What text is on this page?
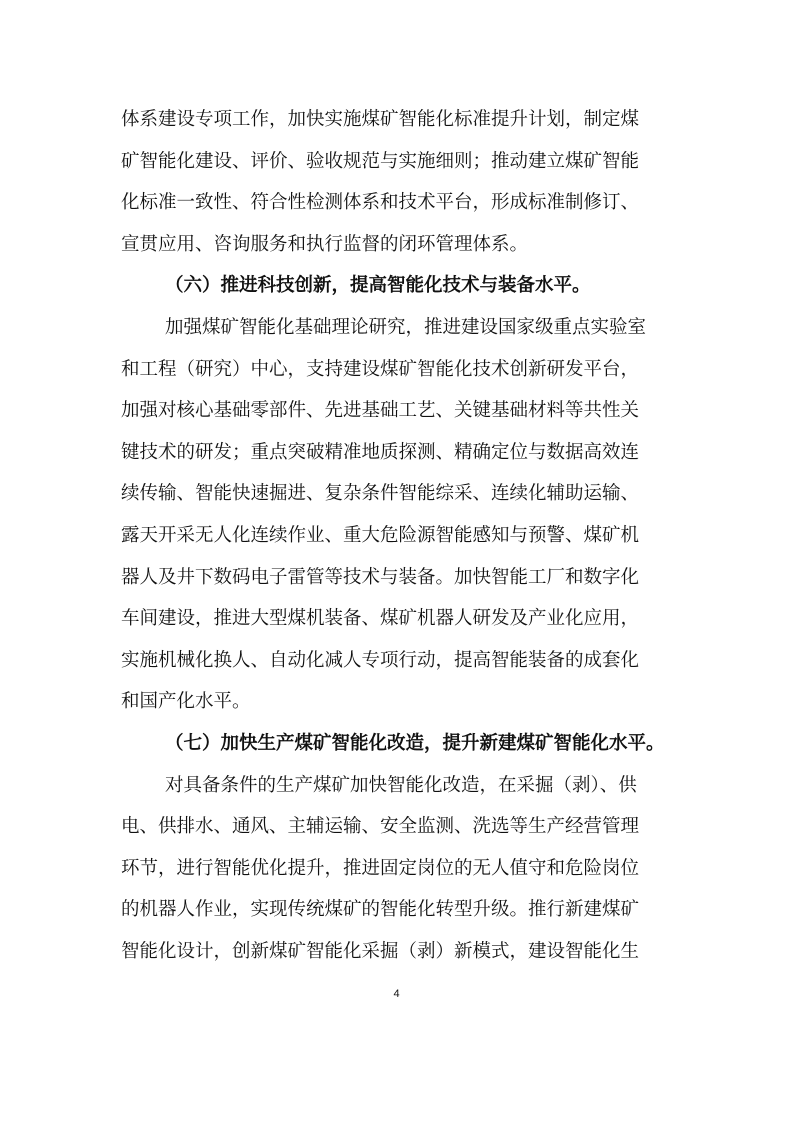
体系建设专项工作，加快实施煤矿智能化标准提升计划，制定煤
矿智能化建设、评价、验收规范与实施细则；推动建立煤矿智能
化标准一致性、符合性检测体系和技术平台，形成标准制修订、
宣贯应用、咨询服务和执行监督的闭环管理体系。
（六）推进科技创新，提高智能化技术与装备水平。
加强煤矿智能化基础理论研究，推进建设国家级重点实验室
和工程（研究）中心，支持建设煤矿智能化技术创新研发平台，
加强对核心基础零部件、先进基础工艺、关键基础材料等共性关
键技术的研发；重点突破精准地质探测、精确定位与数据高效连
续传输、智能快速掘进、复杂条件智能综采、连续化辅助运输、
露天开采无人化连续作业、重大危险源智能感知与预警、煤矿机
器人及井下数码电子雷管等技术与装备。加快智能工厂和数字化
车间建设，推进大型煤机装备、煤矿机器人研发及产业化应用，
实施机械化换人、自动化减人专项行动，提高智能装备的成套化
和国产化水平。
（七）加快生产煤矿智能化改造，提升新建煤矿智能化水平。
对具备条件的生产煤矿加快智能化改造，在采掘（剥）、供
电、供排水、通风、主辅运输、安全监测、洗选等生产经营管理
环节，进行智能优化提升，推进固定岗位的无人值守和危险岗位
的机器人作业，实现传统煤矿的智能化转型升级。推行新建煤矿
智能化设计，创新煤矿智能化采掘（剥）新模式，建设智能化生
4
